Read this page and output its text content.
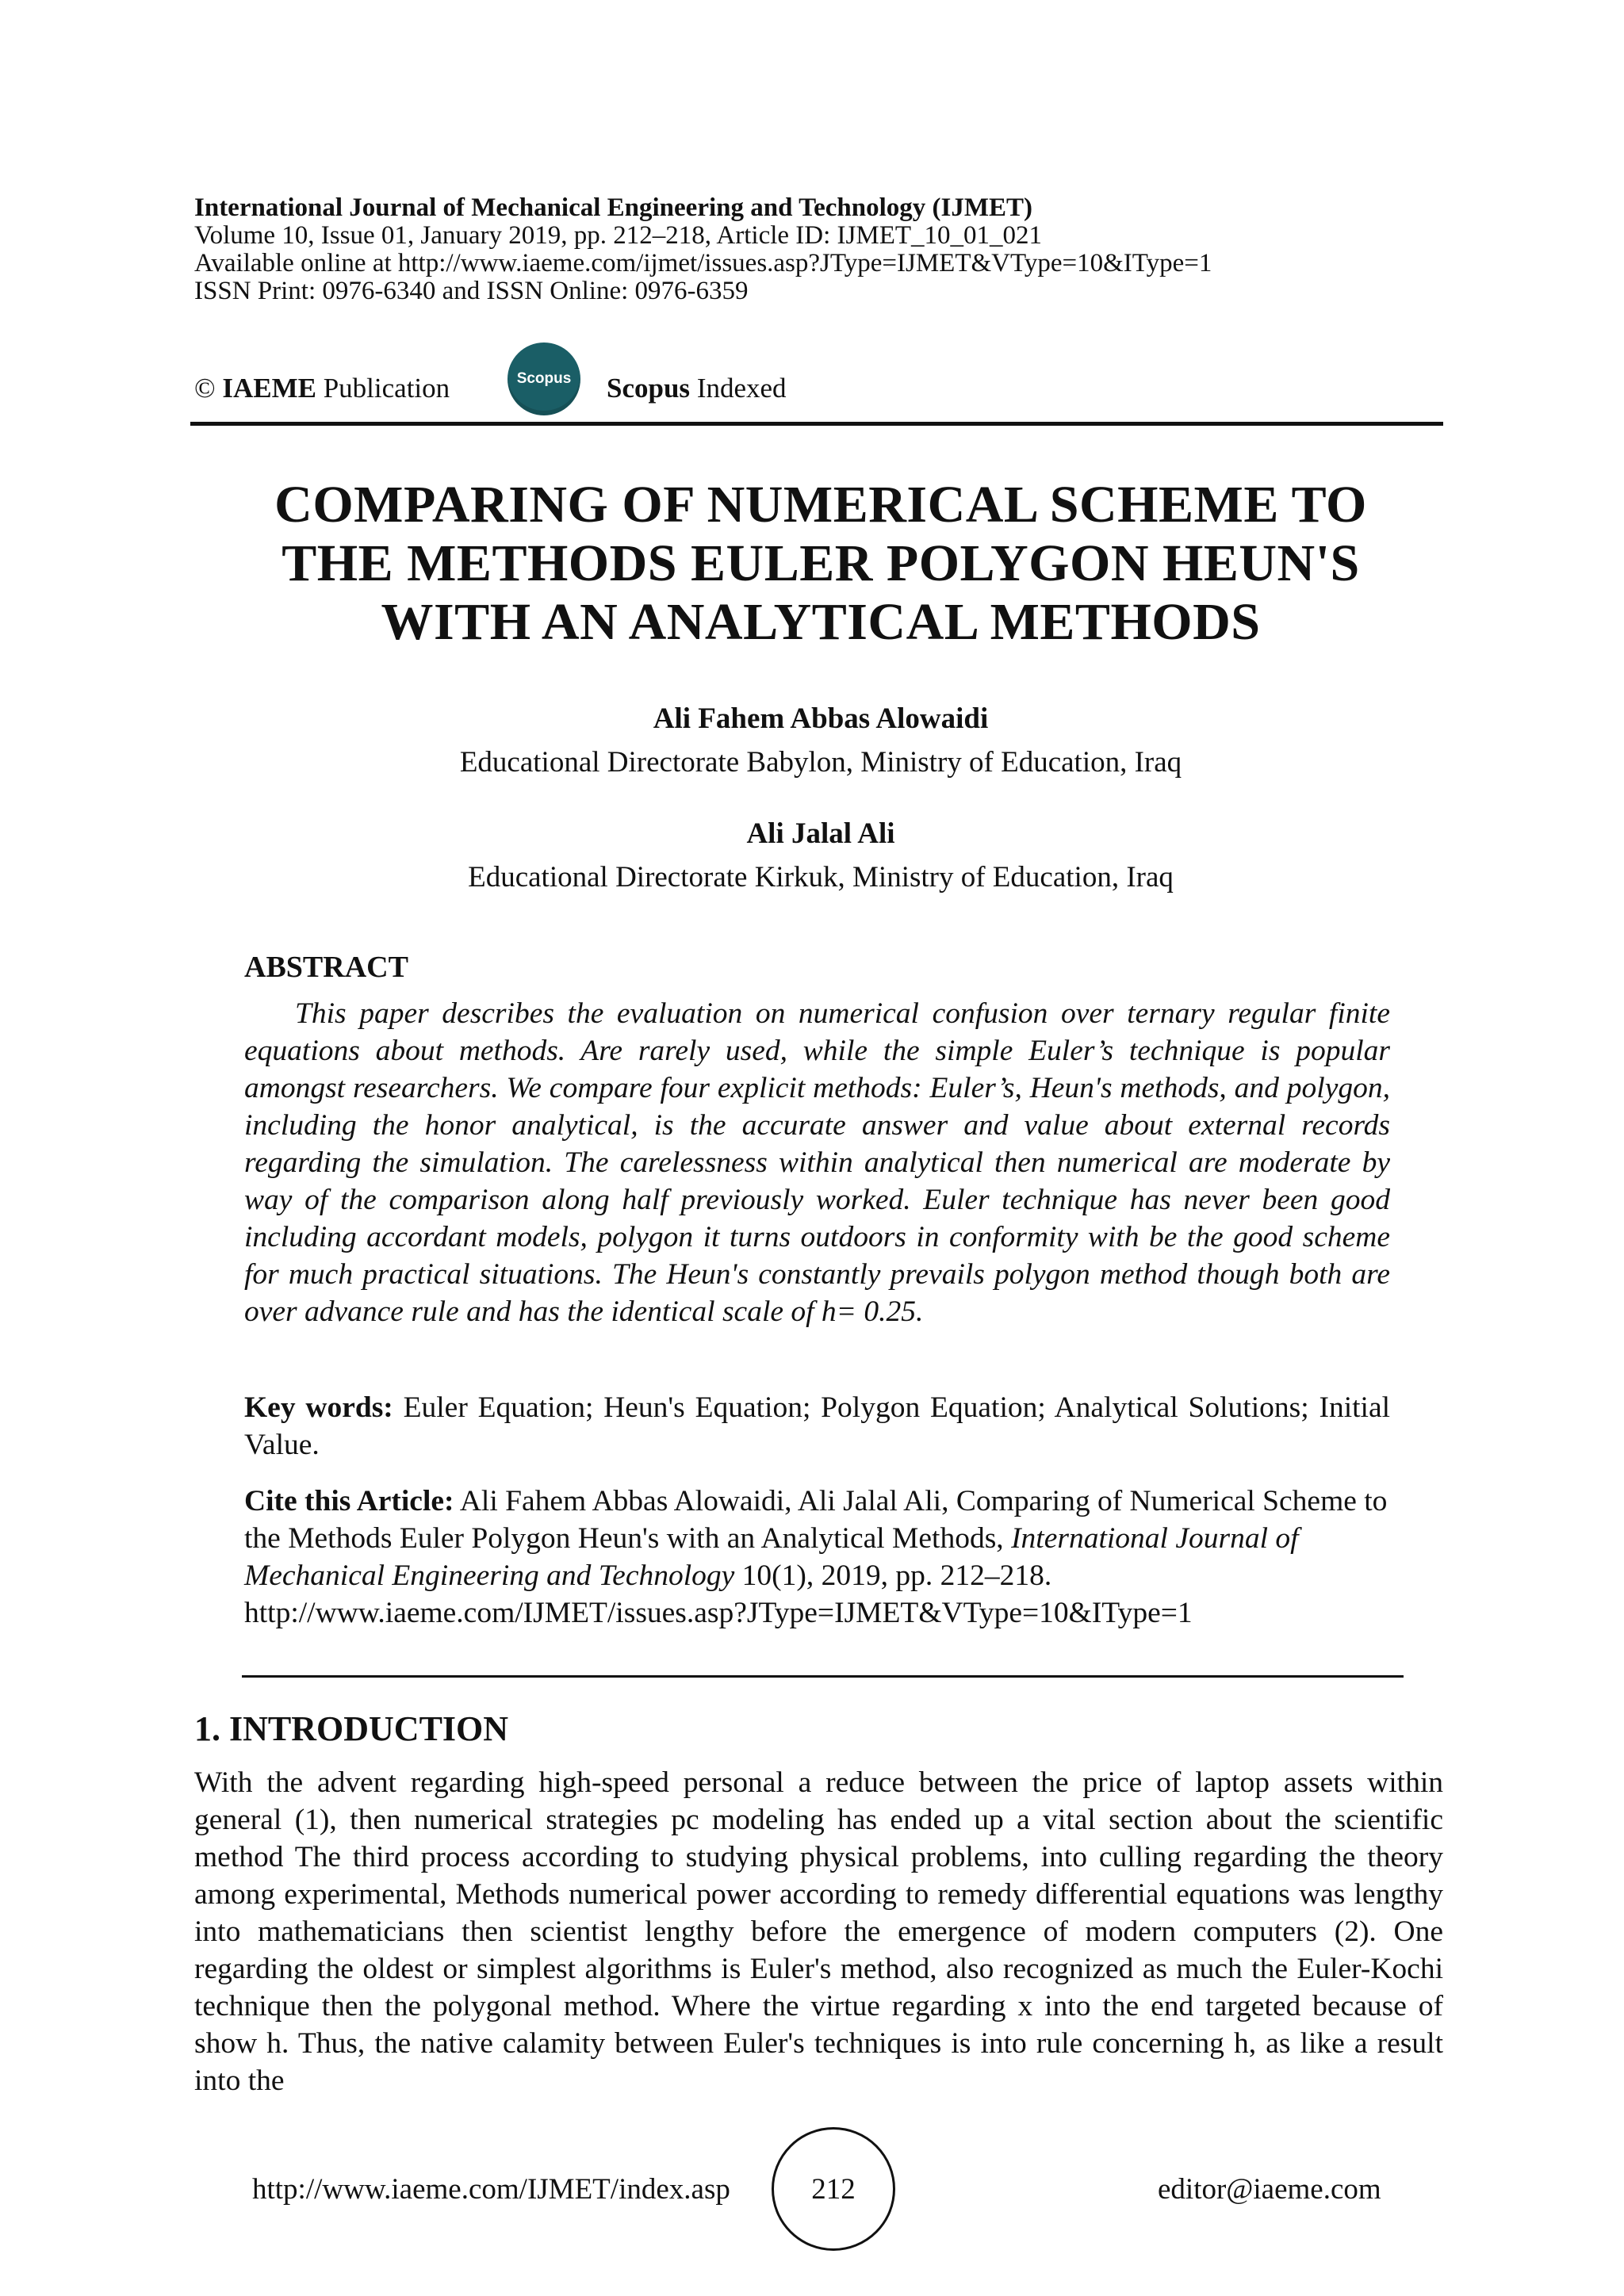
International Journal of Mechanical Engineering and Technology (IJMET)
Volume 10, Issue 01, January 2019, pp. 212–218, Article ID: IJMET_10_01_021
Available online at http://www.iaeme.com/ijmet/issues.asp?JType=IJMET&VType=10&IType=1
ISSN Print: 0976-6340 and ISSN Online: 0976-6359
© IAEME Publication	Scopus Scopus Indexed
COMPARING OF NUMERICAL SCHEME TO
THE METHODS EULER POLYGON HEUN'S
WITH AN ANALYTICAL METHODS
Ali Fahem Abbas Alowaidi
Educational Directorate Babylon, Ministry of Education, Iraq
Ali Jalal Ali
Educational Directorate Kirkuk, Ministry of Education, Iraq
ABSTRACT
This paper describes the evaluation on numerical confusion over ternary regular finite equations about methods. Are rarely used, while the simple Euler’s technique is popular amongst researchers. We compare four explicit methods: Euler’s, Heun's methods, and polygon, including the honor analytical, is the accurate answer and value about external records regarding the simulation. The carelessness within analytical then numerical are moderate by way of the comparison along half previously worked. Euler technique has never been good including accordant models, polygon it turns outdoors in conformity with be the good scheme for much practical situations. The Heun's constantly prevails polygon method though both are over advance rule and has the identical scale of h= 0.25.
Key words: Euler Equation; Heun's Equation; Polygon Equation; Analytical Solutions; Initial Value.
Cite this Article: Ali Fahem Abbas Alowaidi, Ali Jalal Ali, Comparing of Numerical Scheme to the Methods Euler Polygon Heun's with an Analytical Methods, International Journal of Mechanical Engineering and Technology 10(1), 2019, pp. 212–218.
http://www.iaeme.com/IJMET/issues.asp?JType=IJMET&VType=10&IType=1
1. INTRODUCTION
With the advent regarding high-speed personal a reduce between the price of laptop assets within general (1), then numerical strategies pc modeling has ended up a vital section about the scientific method The third process according to studying physical problems, into culling regarding the theory among experimental, Methods numerical power according to remedy differential equations was lengthy into mathematicians then scientist lengthy before the emergence of modern computers (2). One regarding the oldest or simplest algorithms is Euler's method, also recognized as much the Euler-Kochi technique then the polygonal method. Where the virtue regarding x into the end targeted because of show h. Thus, the native calamity between Euler's techniques is into rule concerning h, as like a result into the
http://www.iaeme.com/IJMET/index.asp	212	editor@iaeme.com
